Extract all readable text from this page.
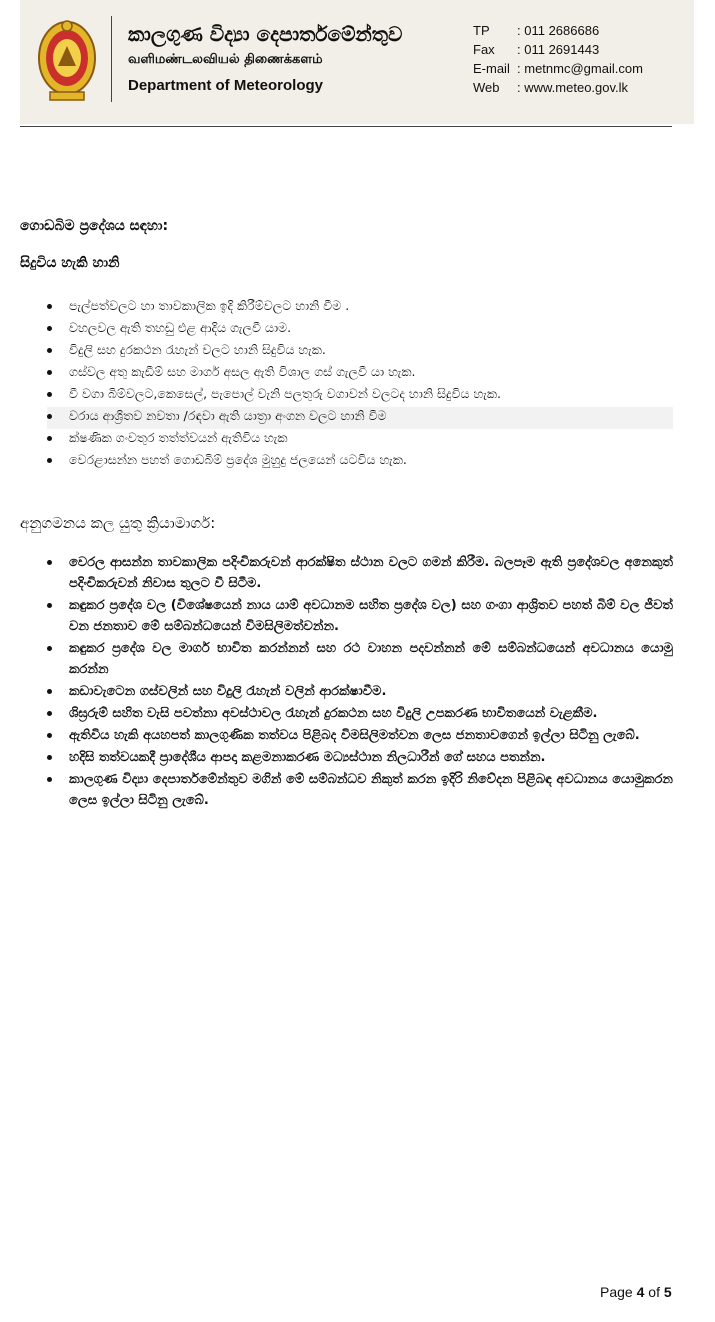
කාලගුණ විද්‍යා දෙපාර්තමේන්තුව
வளிமண்டலவியல் திணைக்களம்
Department of Meteorology
TP	: 011 2686686
Fax	: 011 2691443
E-mail	: metnmc@gmail.com
Web	: www.meteo.gov.lk
ගොඩබිම ප්‍රදේශය සඳහා:
සිදුවිය හැකි හානි
පැල්පත්වලට හා තාවකාලික ඉදි කිරීම්වලට හානි වීම .
වහලවල ඇති තහඩු ළුළ ආදිය ගැලවී යාම.
විදුලි සහ දුරකථන රැහැන් වලට හානි සිදුවිය හැක.
ගස්වල අතු කැඩීම් සහ මාර්ග අසල ඇති විශාල ගස් ගැලවී යා හැක.
වී වගා බිම්වලට,කෙසෙල්, පැපොල් වැනි පලතුරු වගාවන් වලටද හානි සිදුවිය හැක.
වරාය ආශ්‍රිතව නවතා /රඳවා ඇති යාත්‍රා අංගන වලට හානි වීම
ක්ෂණික ගංවතුර තත්ත්වයන් ඇතිවිය හැක
වෙරළාසන්න පහත් ගොඩබිම් ප්‍රදේශ මුහුදු ජලයෙන් යටවිය හැක.
අනුගමනය කල යුතු ක්‍රියාමාර්ග:
වෙරල ආසන්න තාවකාලික පදිංචිකරුවන් ආරක්ෂිත ස්ථාන වලට ගමන් කිරීම. බලපෑම ඇති ප්‍රදේශවල අනෙකුත් පදිංචිකරුවන් නිවාස තුලට වී සිටීම.
කඳුකර ප්‍රදේශ වල (විශේෂයෙන් නාය යාම් අවධානම සහිත ප්‍රදේශ වල) සහ ගංගා ආශ්‍රිතව පහත් බිම් වල ජීවත් වන ජනතාව මේ සම්බන්ධයෙන් විමසිලිමත්වන්න.
කඳුකර ප්‍රදේශ වල මාර්ග භාවිත කරන්නන් සහ රථ වාහන පදවන්නන් මේ සම්බන්ධයෙන් අවධානය යොමු කරන්න
කඩාවැටෙන ගස්වලින් සහ විදුලි රැහැන් වලින් ආරක්ෂාවීම.
ශිඝ්‍රරුම් සහිත වැසි පවත්නා අවස්ථාවල රැහැන් දුරකථන සහ විදුලි උපකරණ භාවිතයෙන් වැළකීම.
ඇතිවිය හැකි අයහපත් කාලගුණික තත්වය පිළිබද විමසිලිමත්වන ලෙස ජනතාවගෙන් ඉල්ලා සිටිනු ලැබේ.
හදිසි තත්වයකදී ප්‍රාදේශීය ආපදා කළමනාකරණ මධ්‍යස්ථාන නිලධාරීන් ගේ සහය පතන්න.
කාලගුණ විද්‍යා දෙපාර්තමේන්තුව මගින් මේ සම්බන්ධව නිකුත් කරන ඉදිරි නිවේදන පිළිබඳ අවධානය යොමුකරන ලෙස ඉල්ලා සිටිනු ලැබේ.
Page 4 of 5
